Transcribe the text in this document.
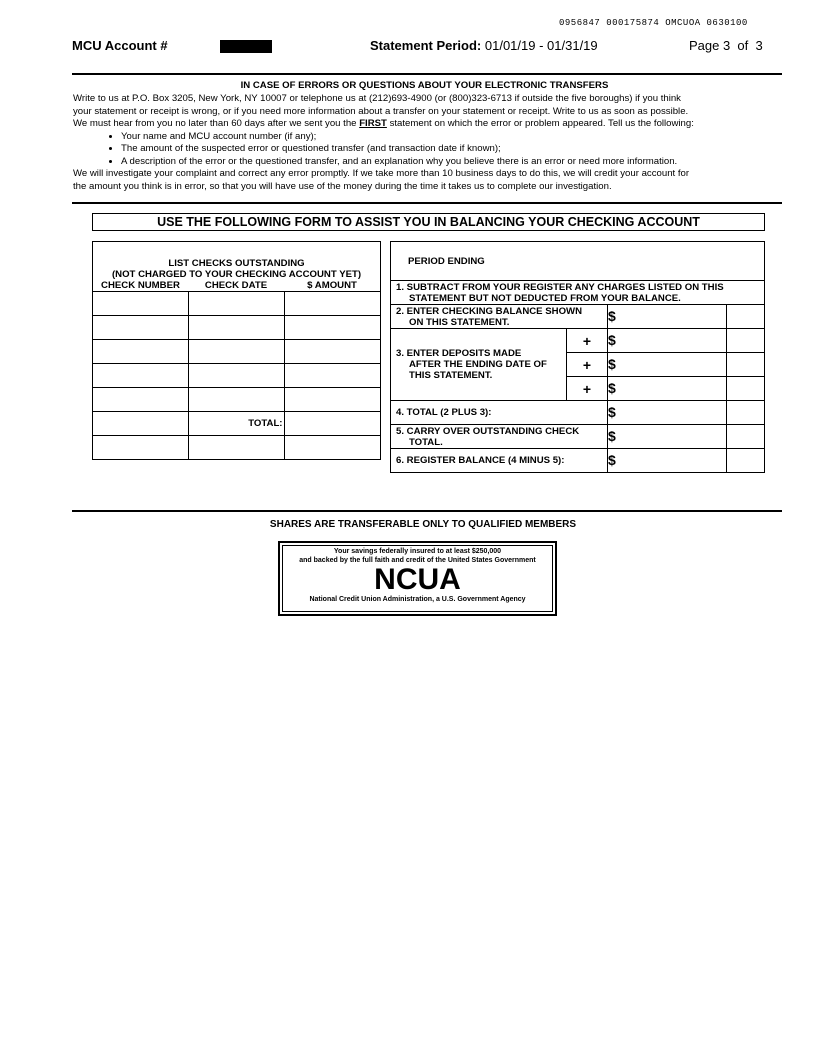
0956847 000175874 OMCUOA 0630100
MCU Account #	Statement Period: 01/01/19 - 01/31/19	Page 3  of  3
IN CASE OF ERRORS OR QUESTIONS ABOUT YOUR ELECTRONIC TRANSFERS
Write to us at P.O. Box 3205, New York, NY 10007 or telephone us at (212)693-4900 (or (800)323-6713 if outside the five boroughs) if you think
your statement or receipt is wrong, or if you need more information about a transfer on your statement or receipt. Write to us as soon as possible.
We must hear from you no later than 60 days after we sent you the FIRST statement on which the error or problem appeared. Tell us the following:
• Your name and MCU account number (if any);
• The amount of the suspected error or questioned transfer (and transaction date if known);
• A description of the error or the questioned transfer, and an explanation why you believe there is an error or need more information.
We will investigate your complaint and correct any error promptly. If we take more than 10 business days to do this, we will credit your account for
the amount you think is in error, so that you will have use of the money during the time it takes us to complete our investigation.
USE THE FOLLOWING FORM TO ASSIST YOU IN BALANCING YOUR CHECKING ACCOUNT
LIST CHECKS OUTSTANDING
(NOT CHARGED TO YOUR CHECKING ACCOUNT YET)		

CHECK NUMBER	CHECK DATE	$ AMOUNT

	TOTAL:	

PERIOD ENDING			

1. SUBTRACT FROM YOUR REGISTER ANY CHARGES LISTED ON THIS
STATEMENT BUT NOT DEDUCTED FROM YOUR BALANCE.			

2. ENTER CHECKING BALANCE SHOWN
ON THIS STATEMENT.		$	

3. ENTER DEPOSITS MADE
AFTER THE ENDING DATE OF
THIS STATEMENT.	+	$	
	+	$	
	+	$	
4. TOTAL (2 PLUS 3):		$	

5. CARRY OVER OUTSTANDING CHECK
TOTAL.		$	
6. REGISTER BALANCE (4 MINUS 5):		$	
SHARES ARE TRANSFERABLE ONLY TO QUALIFIED MEMBERS
Your savings federally insured to at least $250,000
and backed by the full faith and credit of the United States Government
NCUA
National Credit Union Administration, a U.S. Government Agency
